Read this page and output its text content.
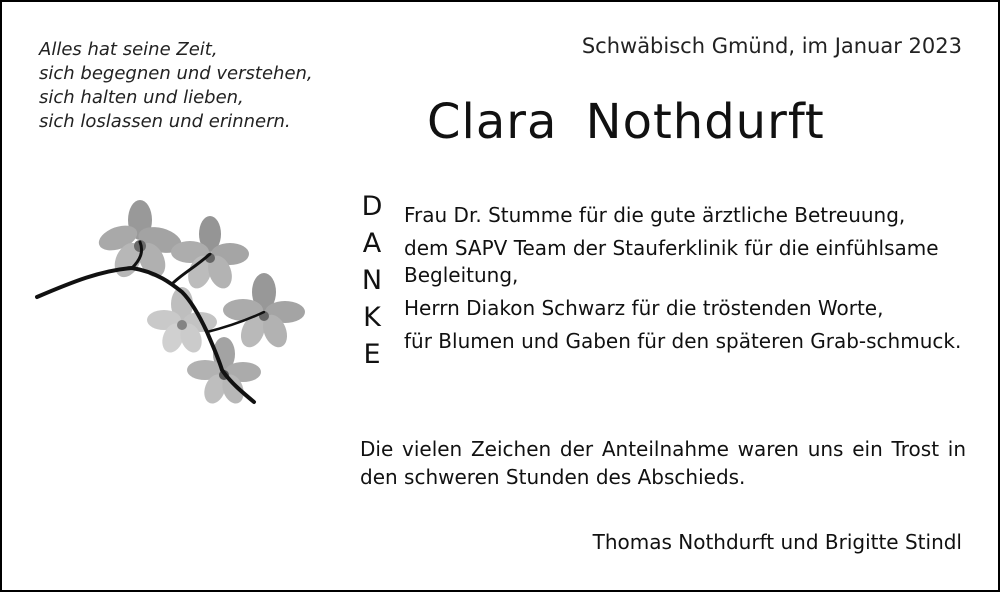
Alles hat seine Zeit,
sich begegnen und verstehen,
sich halten und lieben,
sich loslassen und erinnern.
Schwäbisch Gmünd, im Januar 2023
Clara Nothdurft
D
A
N
K
E
Frau Dr. Stumme für die gute ärztliche Betreuung,
dem SAPV Team der Stauferklinik für die einfühlsame Begleitung,
Herrn Diakon Schwarz für die tröstenden Worte,
für Blumen und Gaben für den späteren Grab-schmuck.
Die vielen Zeichen der Anteilnahme waren uns ein Trost in den schweren Stunden des Abschieds.
Thomas Nothdurft und Brigitte Stindl
